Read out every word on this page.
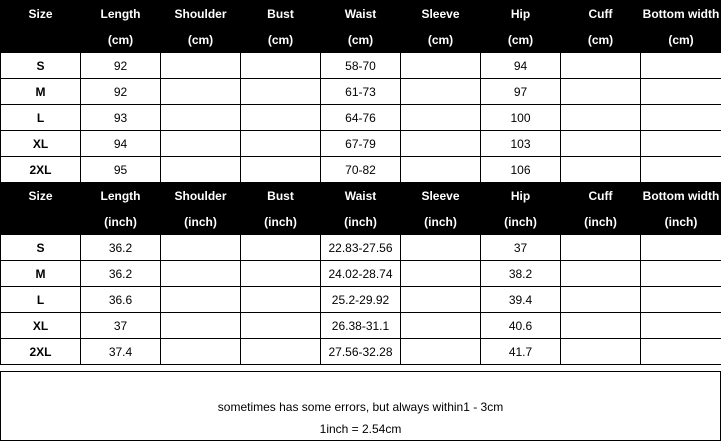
Size	Length	Shoulder	Bust	Waist	Sleeve	Hip	Cuff	Bottom width
	(cm)	(cm)	(cm)	(cm)	(cm)	(cm)	(cm)	(cm)
S	92			58-70		94		
M	92			61-73		97		
L	93			64-76		100		
XL	94			67-79		103		
2XL	95			70-82		106		
Size	Length	Shoulder	Bust	Waist	Sleeve	Hip	Cuff	Bottom width
	(inch)	(inch)	(inch)	(inch)	(inch)	(inch)	(inch)	(inch)
S	36.2			22.83-27.56		37		
M	36.2			24.02-28.74		38.2		
L	36.6			25.2-29.92		39.4		
XL	37			26.38-31.1		40.6		
2XL	37.4			27.56-32.28		41.7		
sometimes has some errors, but always within1 - 3cm
1inch = 2.54cm
